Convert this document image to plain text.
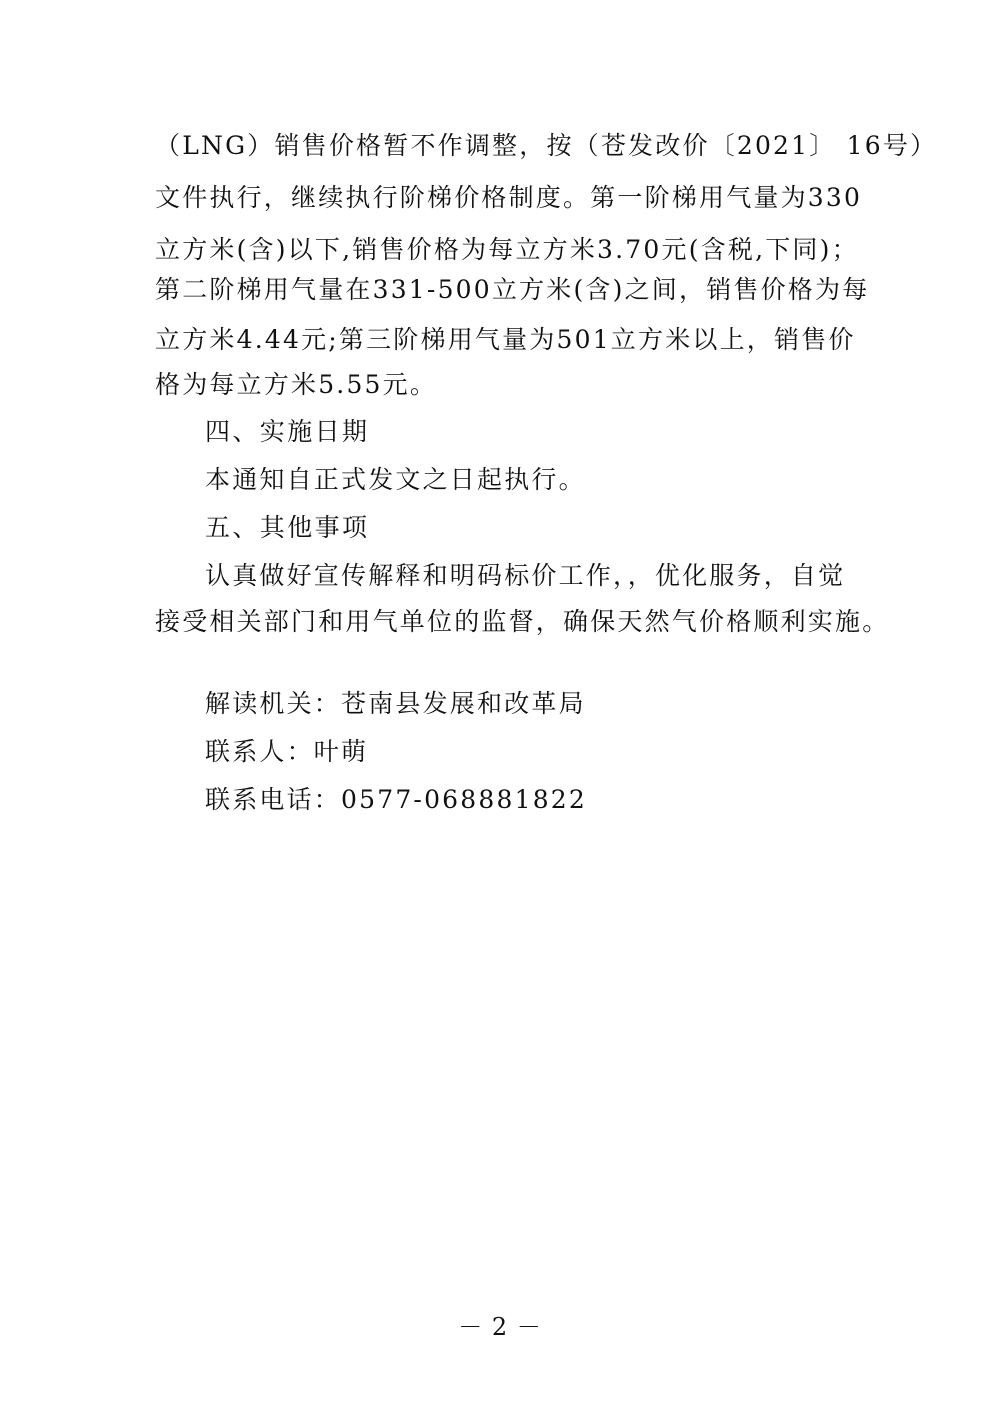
（LNG）销售价格暂不作调整，按（苍发改价〔2021〕 16号）
文件执行，继续执行阶梯价格制度。第一阶梯用气量为330
立方米(含)以下,销售价格为每立方米3.70元(含税,下同)；
第二阶梯用气量在331-500立方米(含)之间，销售价格为每
立方米4.44元;第三阶梯用气量为501立方米以上，销售价
格为每立方米5.55元。
四、实施日期
本通知自正式发文之日起执行。
五、其他事项
认真做好宣传解释和明码标价工作，，优化服务，自觉
接受相关部门和用气单位的监督，确保天然气价格顺利实施。
解读机关：苍南县发展和改革局
联系人：叶萌
联系电话：0577-068881822
－ 2 －
